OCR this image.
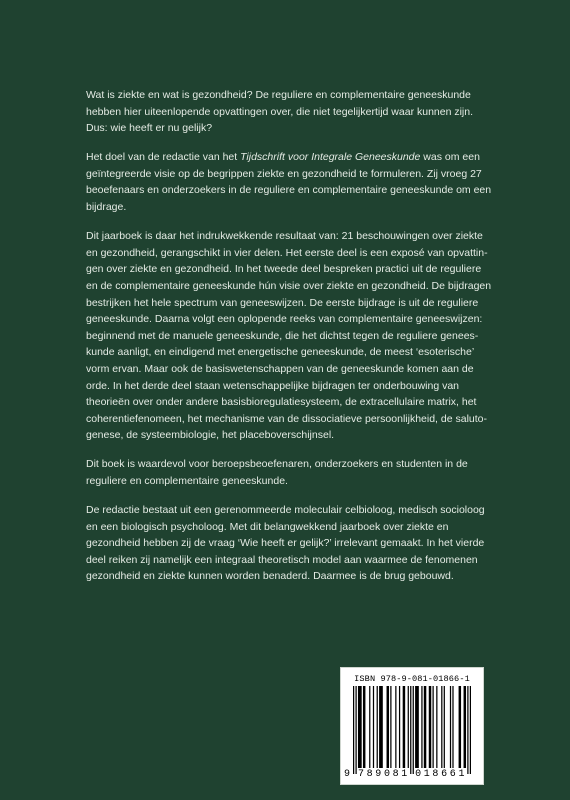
Wat is ziekte en wat is gezondheid? De reguliere en complementaire geneeskunde hebben hier uiteenlopende opvattingen over, die niet tegelijkertijd waar kunnen zijn. Dus: wie heeft er nu gelijk?

Het doel van de redactie van het Tijdschrift voor Integrale Geneeskunde was om een geïntegreerde visie op de begrippen ziekte en gezondheid te formuleren. Zij vroeg 27 beoefenaars en onderzoekers in de reguliere en complementaire geneeskunde om een bijdrage.

Dit jaarboek is daar het indrukwekkende resultaat van: 21 beschouwingen over ziekte en gezondheid, gerangschikt in vier delen. Het eerste deel is een exposé van opvattingen over ziekte en gezondheid. In het tweede deel bespreken practici uit de reguliere en de complementaire geneeskunde hún visie over ziekte en gezondheid. De bijdragen bestrijken het hele spectrum van geneeswijzen. De eerste bijdrage is uit de reguliere geneeskunde. Daarna volgt een oplopende reeks van complementaire geneeswijzen: beginnend met de manuele geneeskunde, die het dichtst tegen de reguliere geneeskunde aanligt, en eindigend met energetische geneeskunde, de meest ‘esoterische’ vorm ervan. Maar ook de basiswetenschappen van de geneeskunde komen aan de orde. In het derde deel staan wetenschappelijke bijdragen ter onderbouwing van theorieën over onder andere basisbioregulatiesysteem, de extracellulaire matrix, het coherentiefenomeen, het mechanisme van de dissociatieve persoonlijkheid, de salutogenese, de systeembiologie, het placeboverschijnsel.

Dit boek is waardevol voor beroepsbeoefenaren, onderzoekers en studenten in de reguliere en complementaire geneeskunde.

De redactie bestaat uit een gerenommeerde moleculair celbioloog, medisch socioloog en een biologisch psycholoog. Met dit belangwekkend jaarboek over ziekte en gezondheid hebben zij de vraag ‘Wie heeft er gelijk?’ irrelevant gemaakt. In het vierde deel reiken zij namelijk een integraal theoretisch model aan waarmee de fenomenen gezondheid en ziekte kunnen worden benaderd. Daarmee is de brug gebouwd.

ISBN 978-9-081-01866-1
9 789081 018661
